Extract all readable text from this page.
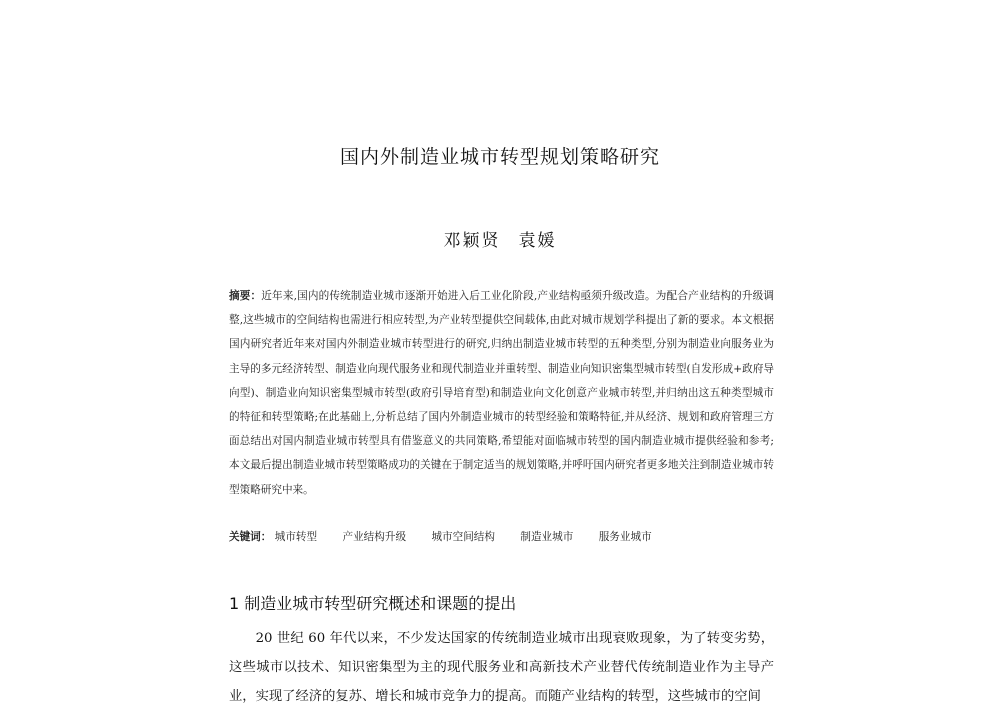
国内外制造业城市转型规划策略研究
邓颖贤 袁媛
摘要：近年来,国内的传统制造业城市逐渐开始进入后工业化阶段,产业结构亟须升级改造。为配合产业结构的升级调整,这些城市的空间结构也需进行相应转型,为产业转型提供空间载体,由此对城市规划学科提出了新的要求。本文根据国内研究者近年来对国内外制造业城市转型进行的研究,归纳出制造业城市转型的五种类型,分别为制造业向服务业为主导的多元经济转型、制造业向现代服务业和现代制造业并重转型、制造业向知识密集型城市转型(自发形成+政府导向型)、制造业向知识密集型城市转型(政府引导培育型)和制造业向文化创意产业城市转型,并归纳出这五种类型城市的特征和转型策略;在此基础上,分析总结了国内外制造业城市的转型经验和策略特征,并从经济、规划和政府管理三方面总结出对国内制造业城市转型具有借鉴意义的共同策略,希望能对面临城市转型的国内制造业城市提供经验和参考;本文最后提出制造业城市转型策略成功的关键在于制定适当的规划策略,并呼吁国内研究者更多地关注到制造业城市转型策略研究中来。
关键词： 城市转型 产业结构升级 城市空间结构 制造业城市 服务业城市
1 制造业城市转型研究概述和课题的提出
20 世纪 60 年代以来，不少发达国家的传统制造业城市出现衰败现象，为了转变劣势，这些城市以技术、知识密集型为主的现代服务业和高新技术产业替代传统制造业作为主导产业，实现了经济的复苏、增长和城市竞争力的提高。而随产业结构的转型，这些城市的空间
